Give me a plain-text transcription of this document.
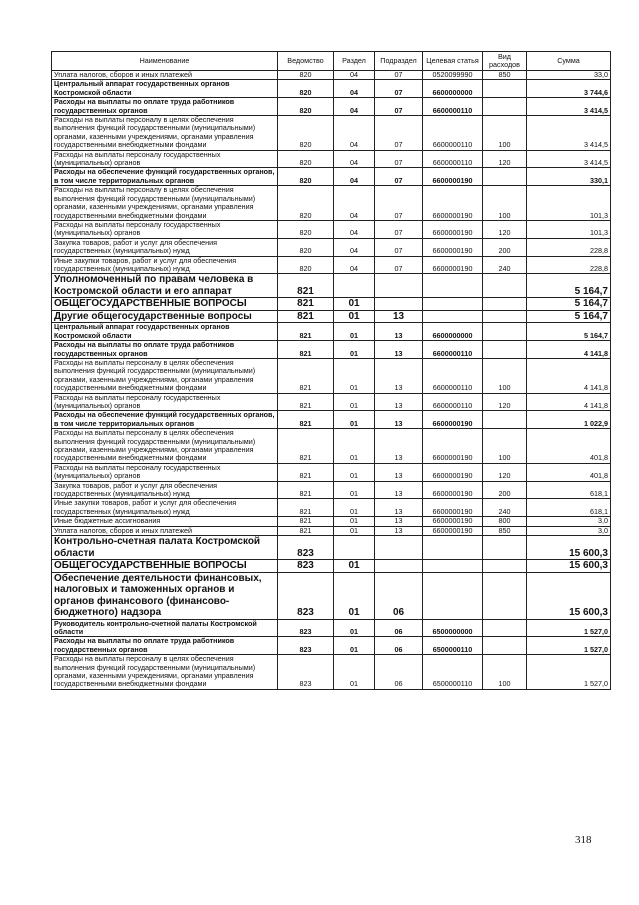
Наименование	Ведомство	Раздел	Подраздел	Целевая статья	Вид расходов	Сумма
Уплата налогов, сборов и иных платежей	820	04	07	0520099990	850	33,0
Центральный аппарат государственных органов Костромской области	820	04	07	6600000000		3 744,6
Расходы на выплаты по оплате труда работников государственных органов	820	04	07	6600000110		3 414,5
Расходы на выплаты персоналу в целях обеспечения выполнения функций государственными (муниципальными) органами, казенными учреждениями, органами управления государственными внебюджетными фондами	820	04	07	6600000110	100	3 414,5
Расходы на выплаты персоналу государственных (муниципальных) органов	820	04	07	6600000110	120	3 414,5
Расходы на обеспечение функций государственных органов, в том числе территориальных органов	820	04	07	6600000190		330,1
Расходы на выплаты персоналу в целях обеспечения выполнения функций государственными (муниципальными) органами, казенными учреждениями, органами управления государственными внебюджетными фондами	820	04	07	6600000190	100	101,3
Расходы на выплаты персоналу государственных (муниципальных) органов	820	04	07	6600000190	120	101,3
Закупка товаров, работ и услуг для обеспечения государственных (муниципальных) нужд	820	04	07	6600000190	200	228,8
Иные закупки товаров, работ и услуг для обеспечения государственных (муниципальных) нужд	820	04	07	6600000190	240	228,8
Уполномоченный по правам человека в Костромской области и его аппарат	821					5 164,7
ОБЩЕГОСУДАРСТВЕННЫЕ ВОПРОСЫ	821	01				5 164,7
Другие общегосударственные вопросы	821	01	13			5 164,7
Центральный аппарат государственных органов Костромской области	821	01	13	6600000000		5 164,7
Расходы на выплаты по оплате труда работников государственных органов	821	01	13	6600000110		4 141,8
Расходы на выплаты персоналу в целях обеспечения выполнения функций государственными (муниципальными) органами, казенными учреждениями, органами управления государственными внебюджетными фондами	821	01	13	6600000110	100	4 141,8
Расходы на выплаты персоналу государственных (муниципальных) органов	821	01	13	6600000110	120	4 141,8
Расходы на обеспечение функций государственных органов, в том числе территориальных органов	821	01	13	6600000190		1 022,9
Расходы на выплаты персоналу в целях обеспечения выполнения функций государственными (муниципальными) органами, казенными учреждениями, органами управления государственными внебюджетными фондами	821	01	13	6600000190	100	401,8
Расходы на выплаты персоналу государственных (муниципальных) органов	821	01	13	6600000190	120	401,8
Закупка товаров, работ и услуг для обеспечения государственных (муниципальных) нужд	821	01	13	6600000190	200	618,1
Иные закупки товаров, работ и услуг для обеспечения государственных (муниципальных) нужд	821	01	13	6600000190	240	618,1
Иные бюджетные ассигнования	821	01	13	6600000190	800	3,0
Уплата налогов, сборов и иных платежей	821	01	13	6600000190	850	3,0
Контрольно-счетная палата Костромской области	823					15 600,3
ОБЩЕГОСУДАРСТВЕННЫЕ ВОПРОСЫ	823	01				15 600,3
Обеспечение деятельности финансовых, налоговых и таможенных органов и органов финансового (финансово-бюджетного) надзора	823	01	06			15 600,3
Руководитель контрольно-счетной палаты Костромской области	823	01	06	6500000000		1 527,0
Расходы на выплаты по оплате труда работников государственных органов	823	01	06	6500000110		1 527,0
Расходы на выплаты персоналу в целях обеспечения выполнения функций государственными (муниципальными) органами, казенными учреждениями, органами управления государственными внебюджетными фондами	823	01	06	6500000110	100	1 527,0
318
